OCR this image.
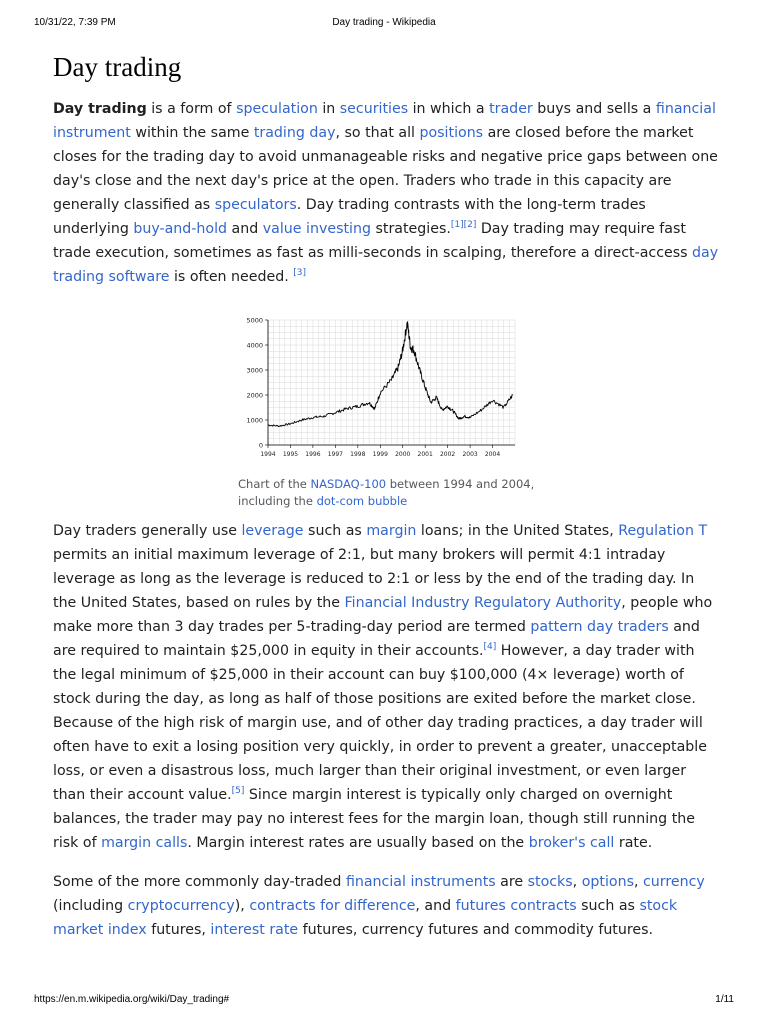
10/31/22, 7:39 PM	Day trading - Wikipedia
Day trading

Day trading is a form of speculation in securities in which a trader buys and sells a financial instrument within the same trading day, so that all positions are closed before the market closes for the trading day to avoid unmanageable risks and negative price gaps between one day's close and the next day's price at the open. Traders who trade in this capacity are generally classified as speculators. Day trading contrasts with the long-term trades underlying buy-and-hold and value investing strategies.[1][2] Day trading may require fast trade execution, sometimes as fast as milli-seconds in scalping, therefore a direct-access day trading software is often needed. [3]

0
1000
2000
3000
4000
5000
1994 1995 1996 1997 1998 1999 2000 2001 2002 2003 2004
Chart of the NASDAQ-100 between 1994 and 2004, including the dot-com bubble

Day traders generally use leverage such as margin loans; in the United States, Regulation T permits an initial maximum leverage of 2:1, but many brokers will permit 4:1 intraday leverage as long as the leverage is reduced to 2:1 or less by the end of the trading day. In the United States, based on rules by the Financial Industry Regulatory Authority, people who make more than 3 day trades per 5-trading-day period are termed pattern day traders and are required to maintain $25,000 in equity in their accounts.[4] However, a day trader with the legal minimum of $25,000 in their account can buy $100,000 (4× leverage) worth of stock during the day, as long as half of those positions are exited before the market close. Because of the high risk of margin use, and of other day trading practices, a day trader will often have to exit a losing position very quickly, in order to prevent a greater, unacceptable loss, or even a disastrous loss, much larger than their original investment, or even larger than their account value.[5] Since margin interest is typically only charged on overnight balances, the trader may pay no interest fees for the margin loan, though still running the risk of margin calls. Margin interest rates are usually based on the broker's call rate.

Some of the more commonly day-traded financial instruments are stocks, options, currency (including cryptocurrency), contracts for difference, and futures contracts such as stock market index futures, interest rate futures, currency futures and commodity futures.

https://en.m.wikipedia.org/wiki/Day_trading#	1/11
